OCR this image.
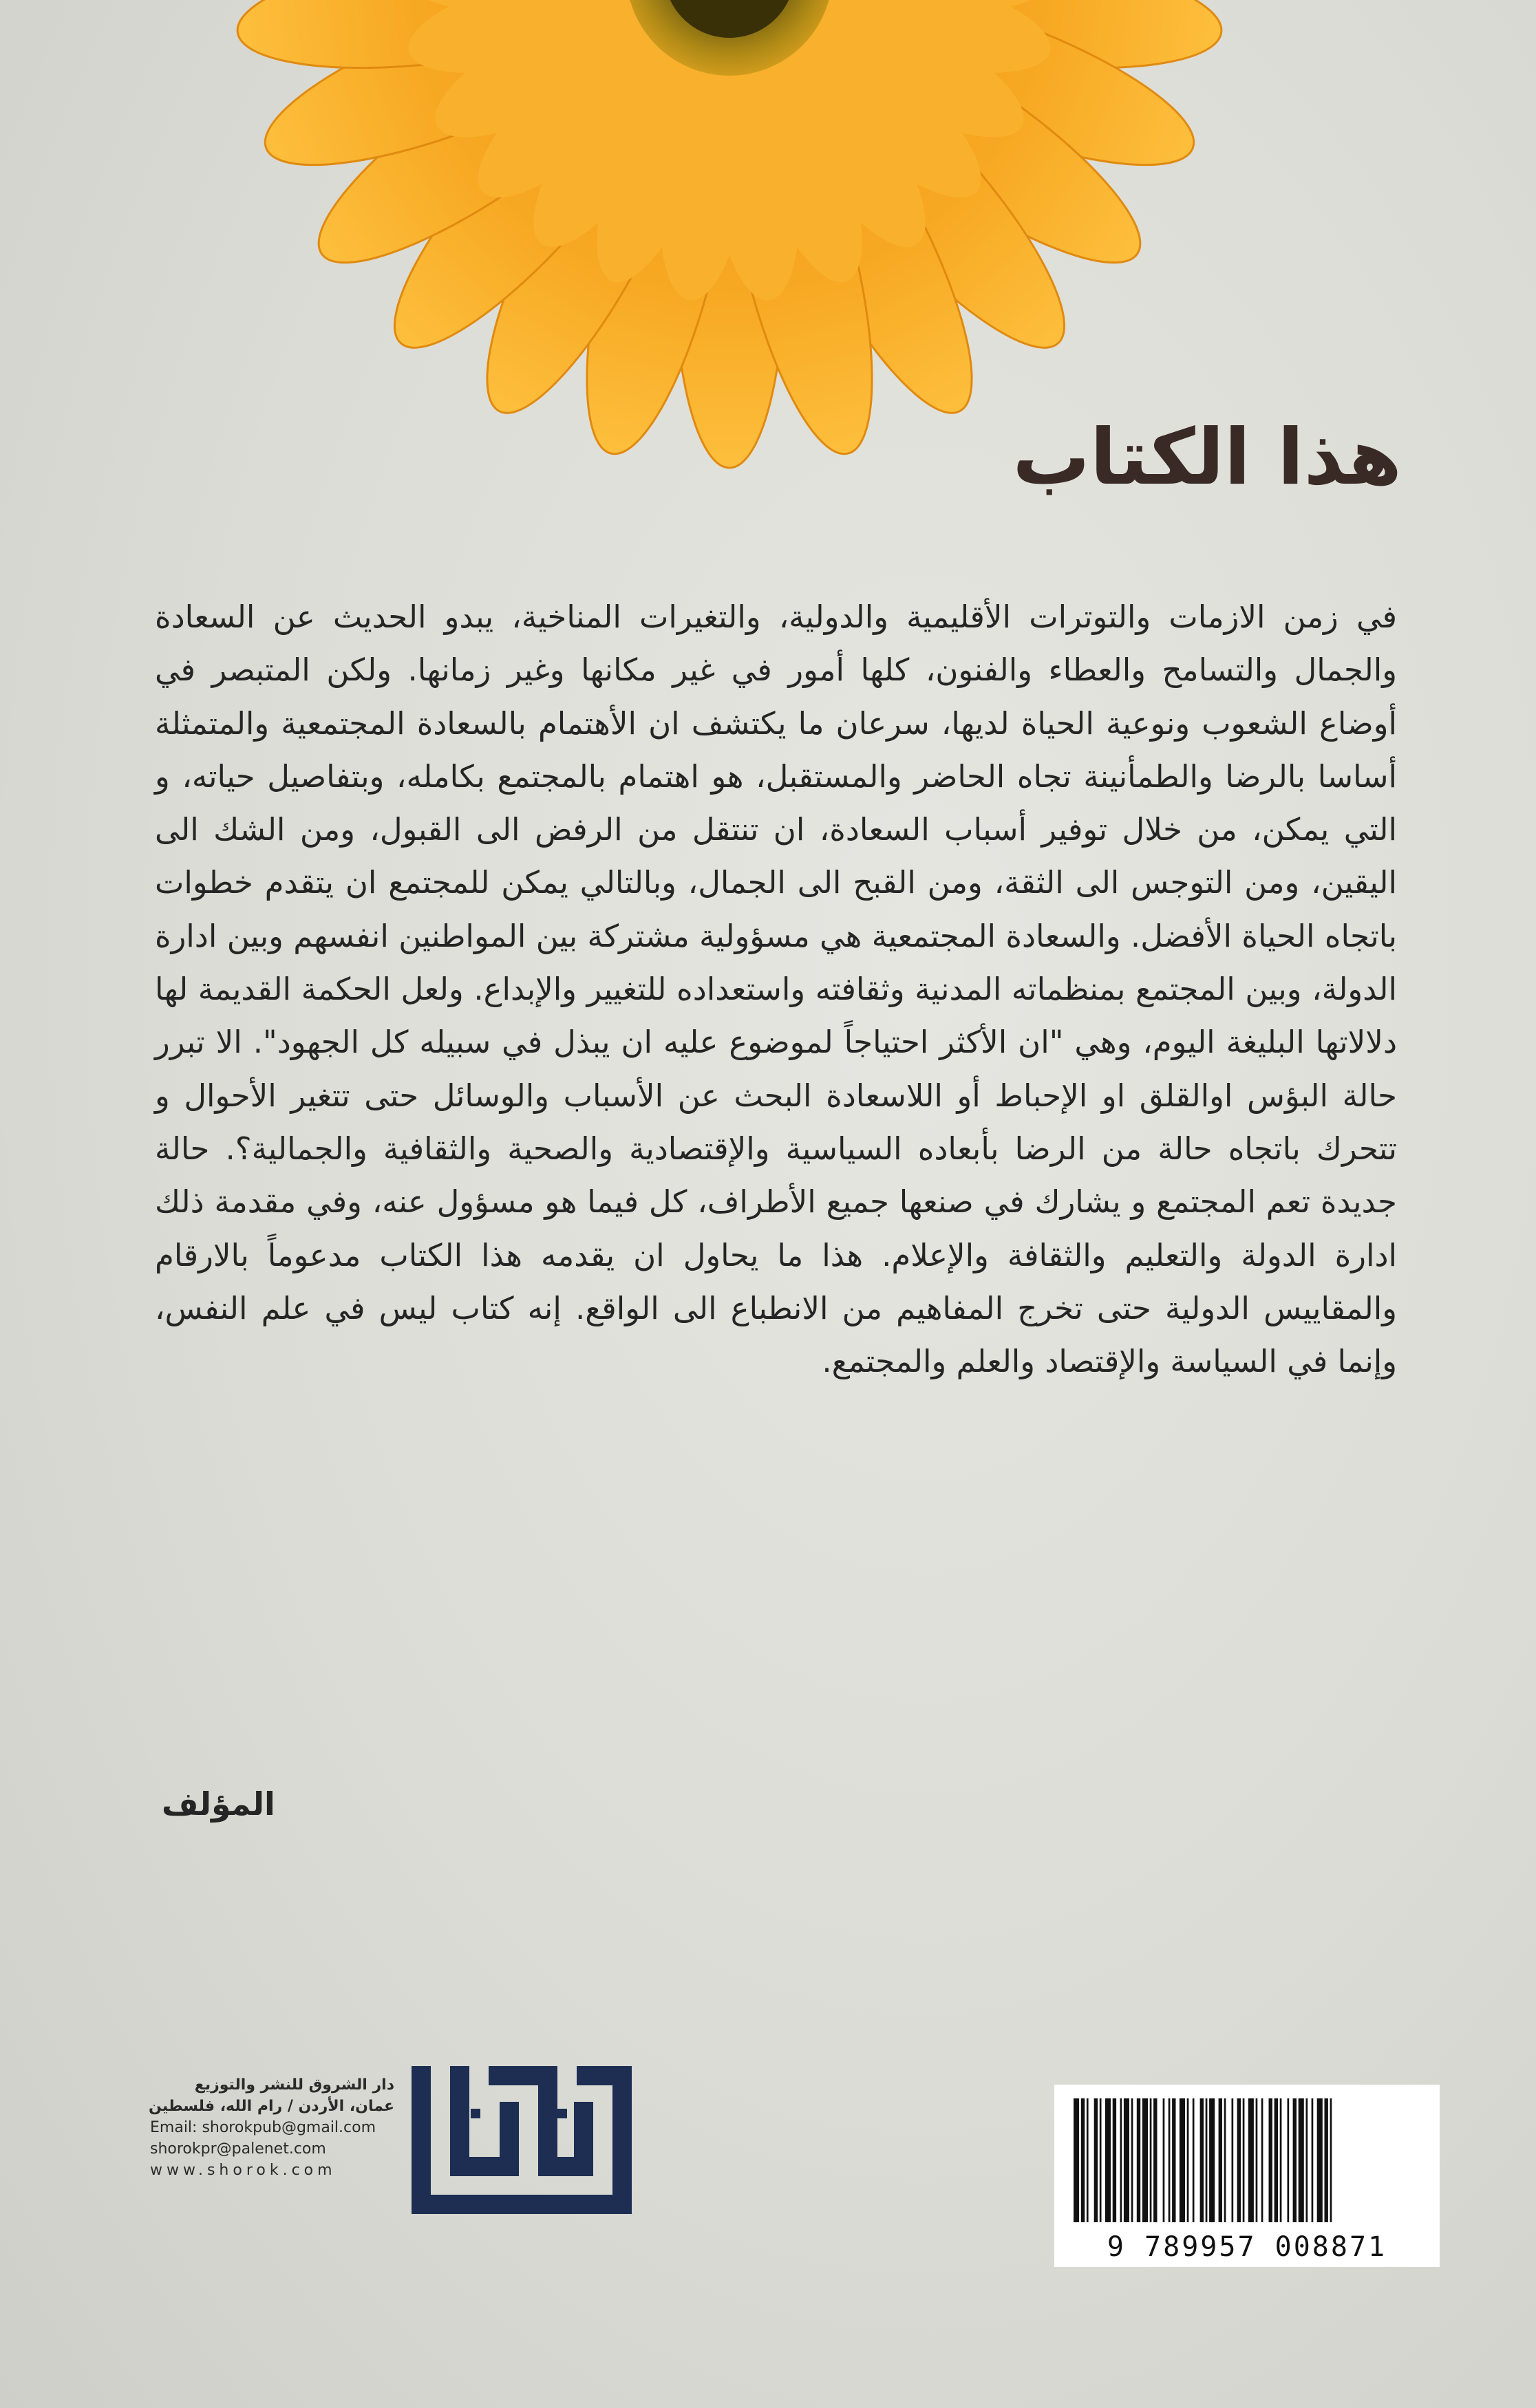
هذا الكتاب

في زمن الازمات والتوترات الأقليمية والدولية، والتغيرات المناخية، يبدو الحديث عن السعادة والجمال والتسامح والعطاء والفنون، كلها أمور في غير مكانها وغير زمانها. ولكن المتبصر في أوضاع الشعوب ونوعية الحياة لديها، سرعان ما يكتشف ان الأهتمام بالسعادة المجتمعية والمتمثلة أساسا بالرضا والطمأنينة تجاه الحاضر والمستقبل، هو اهتمام بالمجتمع بكامله، وبتفاصيل حياته، و التي يمكن، من خلال توفير أسباب السعادة، ان تنتقل من الرفض الى القبول، ومن الشك الى اليقين، ومن التوجس الى الثقة، ومن القبح الى الجمال، وبالتالي يمكن للمجتمع ان يتقدم خطوات باتجاه الحياة الأفضل. والسعادة المجتمعية هي مسؤولية مشتركة بين المواطنين انفسهم وبين ادارة الدولة، وبين المجتمع بمنظماته المدنية وثقافته واستعداده للتغيير والإبداع. ولعل الحكمة القديمة لها دلالاتها البليغة اليوم، وهي "ان الأكثر احتياجاً لموضوع عليه ان يبذل في سبيله كل الجهود". الا تبرر حالة البؤس اوالقلق او الإحباط أو اللاسعادة البحث عن الأسباب والوسائل حتى تتغير الأحوال و تتحرك باتجاه حالة من الرضا بأبعاده السياسية والإقتصادية والصحية والثقافية والجمالية؟. حالة جديدة تعم المجتمع و يشارك في صنعها جميع الأطراف، كل فيما هو مسؤول عنه، وفي مقدمة ذلك ادارة الدولة والتعليم والثقافة والإعلام. هذا ما يحاول ان يقدمه هذا الكتاب مدعوماً بالارقام والمقاييس الدولية حتى تخرج المفاهيم من الانطباع الى الواقع. إنه كتاب ليس في علم النفس، وإنما في السياسة والإقتصاد والعلم والمجتمع.

المؤلف
دار الشروق للنشر والتوزيع
عمان، الأردن / رام الله، فلسطين
Email: shorokpub@gmail.com
shorokpr@palenet.com
www.shorok.com

9 789957 008871
